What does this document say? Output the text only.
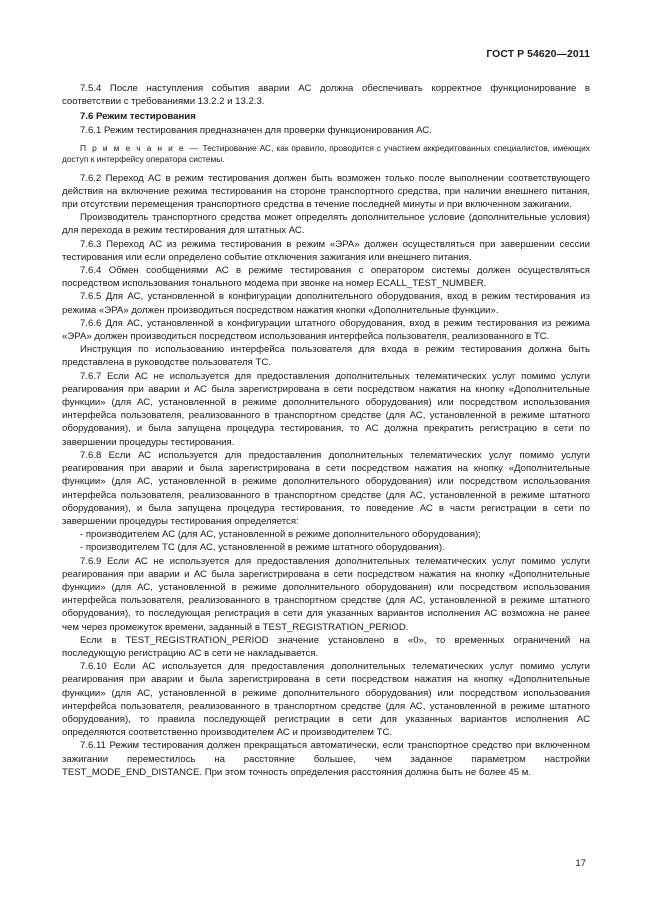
ГОСТ Р 54620—2011

7.5.4 После наступления события аварии АС должна обеспечивать корректное функционирование в соответствии с требованиями 13.2.2 и 13.2.3.

7.6 Режим тестирования

7.6.1 Режим тестирования предназначен для проверки функционирования АС.

П р и м е ч а н и е — Тестирование АС, как правило, проводится с участием аккредитованных специалистов, имеющих доступ к интерфейсу оператора системы.

7.6.2 Переход АС в режим тестирования должен быть возможен только после выполнении соответствующего действия на включение режима тестирования на стороне транспортного средства, при наличии внешнего питания, при отсутствии перемещения транспортного средства в течение последней минуты и при включенном зажигании.

Производитель транспортного средства может определять дополнительное условие (дополнительные условия) для перехода в режим тестирования для штатных АС.

7.6.3 Переход АС из режима тестирования в режим «ЭРА» должен осуществляться при завершении сессии тестирования или если определено событие отключения зажигания или внешнего питания.

7.6.4 Обмен сообщениями АС в режиме тестирования с оператором системы должен осуществляться посредством использования тонального модема при звонке на номер ECALL_TEST_NUMBER.

7.6.5 Для АС, установленной в конфигурации дополнительного оборудования, вход в режим тестирования из режима «ЭРА» должен производиться посредством нажатия кнопки «Дополнительные функции».

7.6.6 Для АС, установленной в конфигурации штатного оборудования, вход в режим тестирования из режима «ЭРА» должен производиться посредством использования интерфейса пользователя, реализованного в ТС.

Инструкция по использованию интерфейса пользователя для входа в режим тестирования должна быть представлена в руководстве пользователя ТС.

7.6.7 Если АС не используется для предоставления дополнительных телематических услуг помимо услуги реагирования при аварии и АС была зарегистрирована в сети посредством нажатия на кнопку «Дополнительные функции» (для АС, установленной в режиме дополнительного оборудования) или посредством использования интерфейса пользователя, реализованного в транспортном средстве (для АС, установленной в режиме штатного оборудования), и была запущена процедура тестирования, то АС должна прекратить регистрацию в сети по завершении процедуры тестирования.

7.6.8 Если АС используется для предоставления дополнительных телематических услуг помимо услуги реагирования при аварии и была зарегистрирована в сети посредством нажатия на кнопку «Дополнительные функции» (для АС, установленной в режиме дополнительного оборудования) или посредством использования интерфейса пользователя, реализованного в транспортном средстве (для АС, установленной в режиме штатного оборудования), и была запущена процедура тестирования, то поведение АС в части регистрации в сети по завершении процедуры тестирования определяется:

- производителем АС (для АС, установленной в режиме дополнительного оборудования);

- производителем ТС (для АС, установленной в режиме штатного оборудования).

7.6.9 Если АС не используется для предоставления дополнительных телематических услуг помимо услуги реагирования при аварии и АС была зарегистрирована в сети посредством нажатия на кнопку «Дополнительные функции» (для АС, установленной в режиме дополнительного оборудования) или посредством использования интерфейса пользователя, реализованного в транспортном средстве (для АС, установленной в режиме штатного оборудования), то последующая регистрация в сети для указанных вариантов исполнения АС возможна не ранее чем через промежуток времени, заданный в TEST_REGISTRATION_PERIOD.

Если в TEST_REGISTRATION_PERIOD значение установлено в «0», то временных ограничений на последующую регистрацию АС в сети не накладывается.

7.6.10 Если АС используется для предоставления дополнительных телематических услуг помимо услуги реагирования при аварии и была зарегистрирована в сети посредством нажатия на кнопку «Дополнительные функции» (для АС, установленной в режиме дополнительного оборудования) или посредством использования интерфейса пользователя, реализованного в транспортном средстве (для АС, установленной в режиме штатного оборудования), то правила последующей регистрации в сети для указанных вариантов исполнения АС определяются соответственно производителем АС и производителем ТС.

7.6.11 Режим тестирования должен прекращаться автоматически, если транспортное средство при включенном зажигании переместилось на расстояние большее, чем заданное параметром настройки TEST_MODE_END_DISTANCE. При этом точность определения расстояния должна быть не более 45 м.

17
